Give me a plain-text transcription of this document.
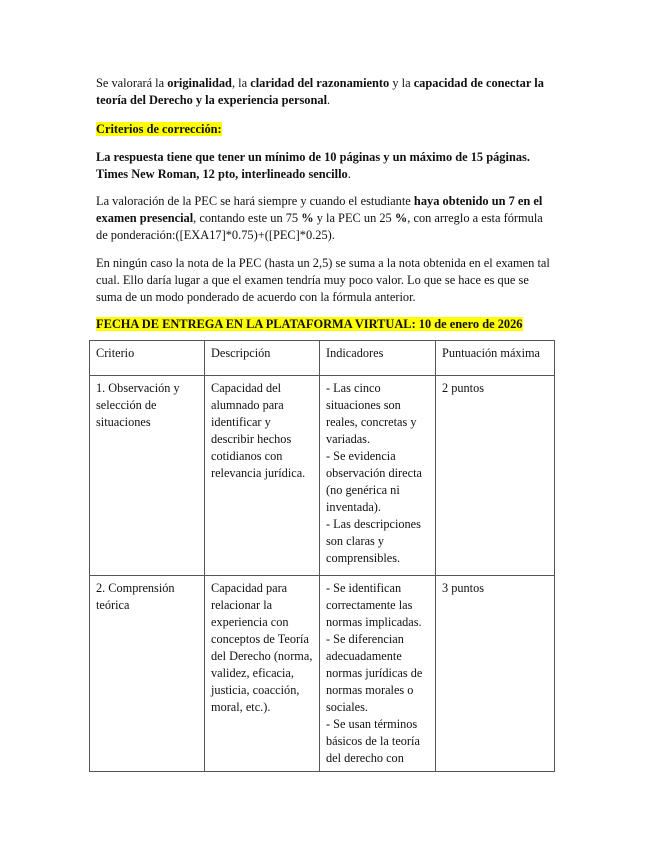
Se valorará la originalidad, la claridad del razonamiento y la capacidad de conectar la teoría del Derecho y la experiencia personal.

Criterios de corrección:

La respuesta tiene que tener un mínimo de 10 páginas y un máximo de 15 páginas. Times New Roman, 12 pto, interlineado sencillo.

La valoración de la PEC se hará siempre y cuando el estudiante haya obtenido un 7 en el examen presencial, contando este un 75 % y la PEC un 25 %, con arreglo a esta fórmula de ponderación:([EXA17]*0.75)+([PEC]*0.25).

En ningún caso la nota de la PEC (hasta un 2,5) se suma a la nota obtenida en el examen tal cual. Ello daría lugar a que el examen tendría muy poco valor. Lo que se hace es que se suma de un modo ponderado de acuerdo con la fórmula anterior.

FECHA DE ENTREGA EN LA PLATAFORMA VIRTUAL: 10 de enero de 2026

Criterio	Descripción	Indicadores	Puntuación máxima
1. Observación y selección de situaciones	Capacidad del alumnado para identificar y describir hechos cotidianos con relevancia jurídica.	- Las cinco situaciones son reales, concretas y variadas.
- Se evidencia observación directa (no genérica ni inventada).
- Las descripciones son claras y comprensibles.	2 puntos
2. Comprensión teórica	Capacidad para relacionar la experiencia con conceptos de Teoría del Derecho (norma, validez, eficacia, justicia, coacción, moral, etc.).	- Se identifican correctamente las normas implicadas.
- Se diferencian adecuadamente normas jurídicas de normas morales o sociales.
- Se usan términos básicos de la teoría del derecho con	3 puntos
